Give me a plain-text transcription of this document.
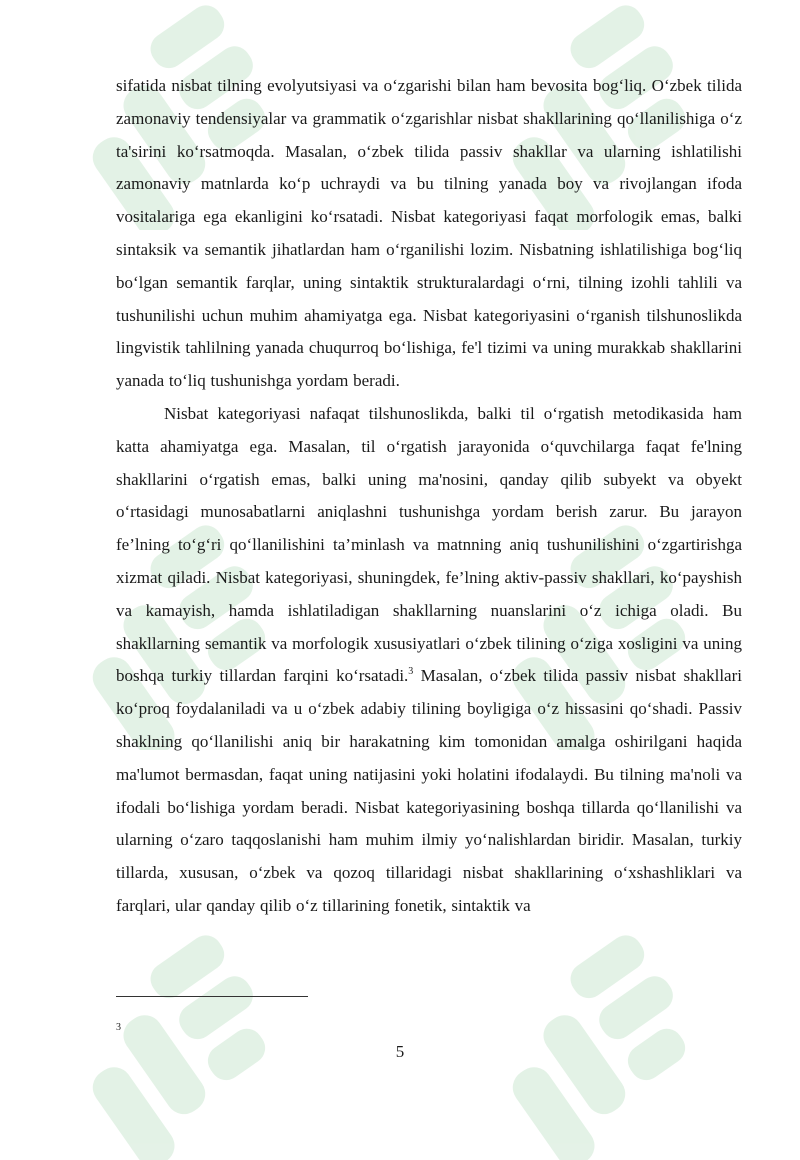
sifatida nisbat tilning evolyutsiyasi va o‘zgarishi bilan ham bevosita bog‘liq. O‘zbek tilida zamonaviy tendensiyalar va grammatik o‘zgarishlar nisbat shakllarining qo‘llanilishiga o‘z ta'sirini ko‘rsatmoqda. Masalan, o‘zbek tilida passiv shakllar va ularning ishlatilishi zamonaviy matnlarda ko‘p uchraydi va bu tilning yanada boy va rivojlangan ifoda vositalariga ega ekanligini ko‘rsatadi. Nisbat kategoriyasi faqat morfologik emas, balki sintaksik va semantik jihatlardan ham o‘rganilishi lozim. Nisbatning ishlatilishiga bog‘liq bo‘lgan semantik farqlar, uning sintaktik strukturalardagi o‘rni, tilning izohli tahlili va tushunilishi uchun muhim ahamiyatga ega. Nisbat kategoriyasini o‘rganish tilshunoslikda lingvistik tahlilning yanada chuqurroq bo‘lishiga, fe'l tizimi va uning murakkab shakllarini yanada to‘liq tushunishga yordam beradi.

Nisbat kategoriyasi nafaqat tilshunoslikda, balki til o‘rgatish metodikasida ham katta ahamiyatga ega. Masalan, til o‘rgatish jarayonida o‘quvchilarga faqat fe'lning shakllarini o‘rgatish emas, balki uning ma'nosini, qanday qilib subyekt va obyekt o‘rtasidagi munosabatlarni aniqlashni tushunishga yordam berish zarur. Bu jarayon fe’lning to‘g‘ri qo‘llanilishini ta’minlash va matnning aniq tushunilishini o‘zgartirishga xizmat qiladi. Nisbat kategoriyasi, shuningdek, fe’lning aktiv-passiv shakllari, ko‘payshish va kamayish, hamda ishlatiladigan shakllarning nuanslarini o‘z ichiga oladi. Bu shakllarning semantik va morfologik xususiyatlari o‘zbek tilining o‘ziga xosligini va uning boshqa turkiy tillardan farqini ko‘rsatadi.$^3$ Masalan, o‘zbek tilida passiv nisbat shakllari ko‘proq foydalaniladi va u o‘zbek adabiy tilining boyligiga o‘z hissasini qo‘shadi. Passiv shaklning qo‘llanilishi aniq bir harakatning kim tomonidan amalga oshirilgani haqida ma'lumot bermasdan, faqat uning natijasini yoki holatini ifodalaydi. Bu tilning ma'noli va ifodali bo‘lishiga yordam beradi. Nisbat kategoriyasining boshqa tillarda qo‘llanilishi va ularning o‘zaro taqqoslanishi ham muhim ilmiy yo‘nalishlardan biridir. Masalan, turkiy tillarda, xususan, o‘zbek va qozoq tillaridagi nisbat shakllarining o‘xshashliklari va farqlari, ular qanday qilib o‘z tillarining fonetik, sintaktik va

3
5
